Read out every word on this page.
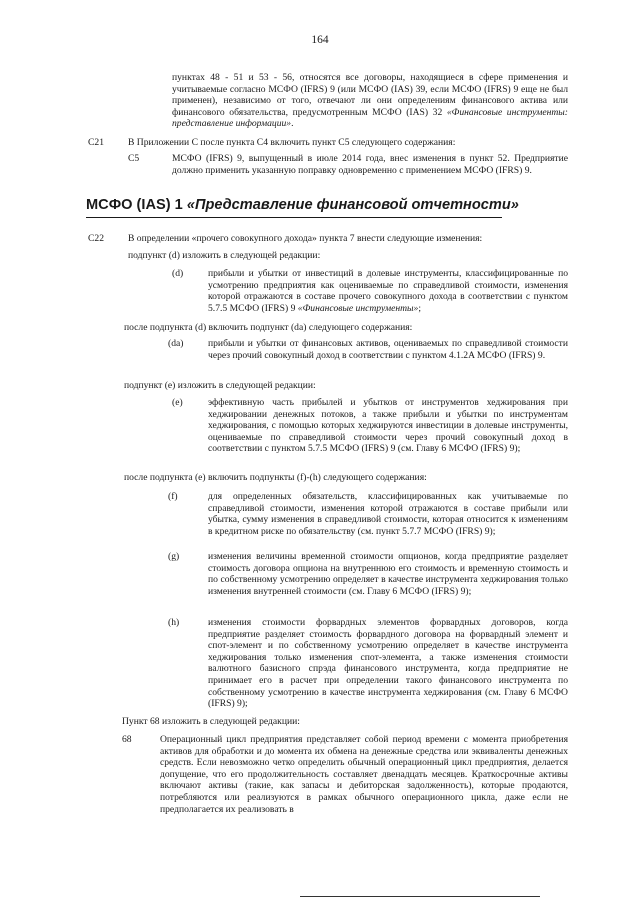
164
пунктах 48 - 51 и 53 - 56, относятся все договоры, находящиеся в сфере применения и учитываемые согласно МСФО (IFRS) 9 (или МСФО (IAS) 39, если МСФО (IFRS) 9 еще не был применен), независимо от того, отвечают ли они определениям финансового актива или финансового обязательства, предусмотренным МСФО (IAS) 32 «Финансовые инструменты: представление информации».
C21	В Приложении С после пункта С4 включить пункт С5 следующего содержания:
C5	МСФО (IFRS) 9, выпущенный в июле 2014 года, внес изменения в пункт 52. Предприятие должно применить указанную поправку одновременно с применением МСФО (IFRS) 9.
МСФО (IAS) 1 «Представление финансовой отчетности»
C22	В определении «прочего совокупного дохода» пункта 7 внести следующие изменения:
подпункт (d) изложить в следующей редакции:
(d)	прибыли и убытки от инвестиций в долевые инструменты, классифицированные по усмотрению предприятия как оцениваемые по справедливой стоимости, изменения которой отражаются в составе прочего совокупного дохода в соответствии с пунктом 5.7.5 МСФО (IFRS) 9 «Финансовые инструменты»;
после подпункта (d) включить подпункт (da) следующего содержания:
(da)	прибыли и убытки от финансовых активов, оцениваемых по справедливой стоимости через прочий совокупный доход в соответствии с пунктом 4.1.2A МСФО (IFRS) 9.
подпункт (е) изложить в следующей редакции:
(е)	эффективную часть прибылей и убытков от инструментов хеджирования при хеджировании денежных потоков, а также прибыли и убытки по инструментам хеджирования, с помощью которых хеджируются инвестиции в долевые инструменты, оцениваемые по справедливой стоимости через прочий совокупный доход в соответствии с пунктом 5.7.5 МСФО (IFRS) 9 (см. Главу 6 МСФО (IFRS) 9);
после подпункта (е) включить подпункты (f)-(h) следующего содержания:
(f)	для определенных обязательств, классифицированных как учитываемые по справедливой стоимости, изменения которой отражаются в составе прибыли или убытка, сумму изменения в справедливой стоимости, которая относится к изменениям в кредитном риске по обязательству (см. пункт 5.7.7 МСФО (IFRS) 9);
(g)	изменения величины временной стоимости опционов, когда предприятие разделяет стоимость договора опциона на внутреннюю его стоимость и временную стоимость и по собственному усмотрению определяет в качестве инструмента хеджирования только изменения внутренней стоимости (см. Главу 6 МСФО (IFRS) 9);
(h)	изменения стоимости форвардных элементов форвардных договоров, когда предприятие разделяет стоимость форвардного договора на форвардный элемент и спот-элемент и по собственному усмотрению определяет в качестве инструмента хеджирования только изменения спот-элемента, а также изменения стоимости валютного базисного спрэда финансового инструмента, когда предприятие не принимает его в расчет при определении такого финансового инструмента по собственному усмотрению в качестве инструмента хеджирования (см. Главу 6 МСФО (IFRS) 9);
Пункт 68 изложить в следующей редакции:
68	Операционный цикл предприятия представляет собой период времени с момента приобретения активов для обработки и до момента их обмена на денежные средства или эквиваленты денежных средств. Если невозможно четко определить обычный операционный цикл предприятия, делается допущение, что его продолжительность составляет двенадцать месяцев. Краткосрочные активы включают активы (такие, как запасы и дебиторская задолженность), которые продаются, потребляются или реализуются в рамках обычного операционного цикла, даже если не предполагается их реализовать в
